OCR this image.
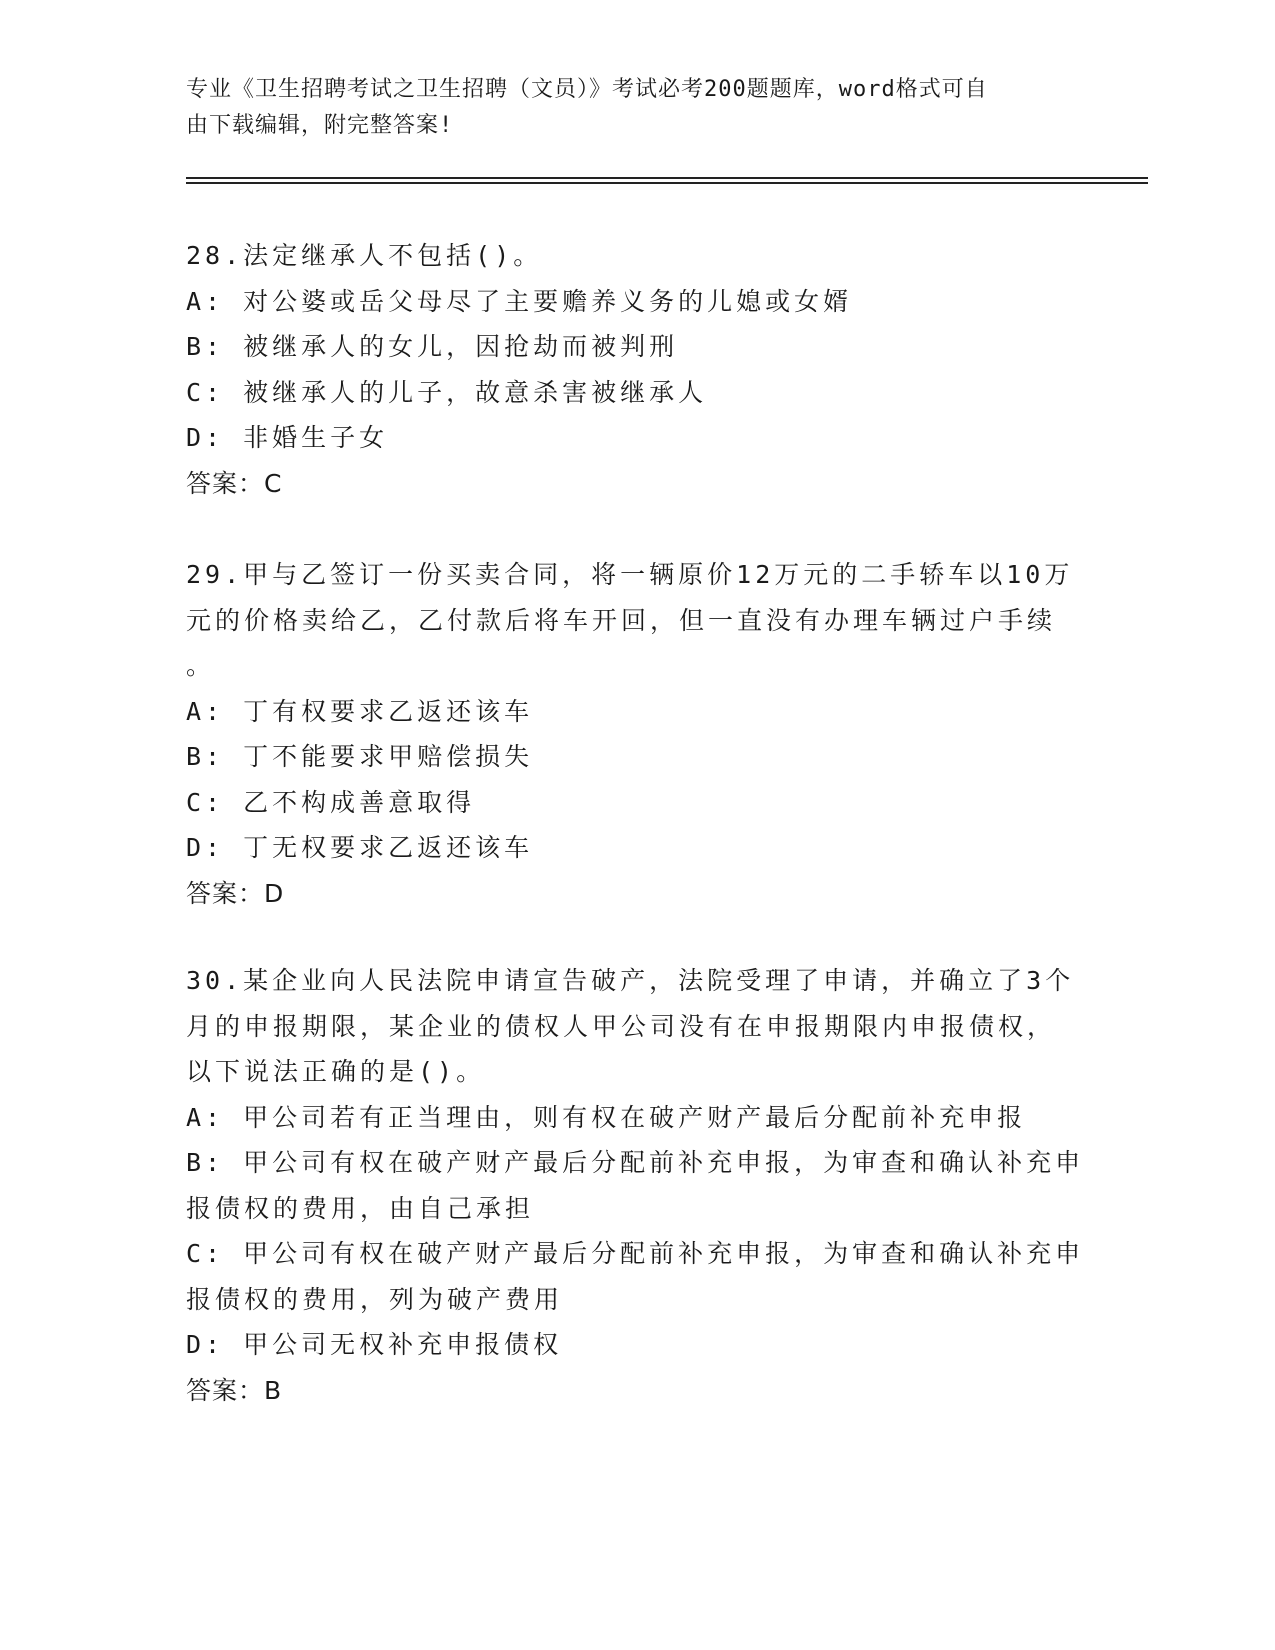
专业《卫生招聘考试之卫生招聘（文员）》考试必考200题题库，word格式可自
由下载编辑，附完整答案!
28.法定继承人不包括()。
A: 对公婆或岳父母尽了主要赡养义务的儿媳或女婿
B: 被继承人的女儿，因抢劫而被判刑
C: 被继承人的儿子，故意杀害被继承人
D: 非婚生子女
答案：C
29.甲与乙签订一份买卖合同，将一辆原价12万元的二手轿车以10万
元的价格卖给乙，乙付款后将车开回，但一直没有办理车辆过户手续
。
A: 丁有权要求乙返还该车
B: 丁不能要求甲赔偿损失
C: 乙不构成善意取得
D: 丁无权要求乙返还该车
答案：D
30.某企业向人民法院申请宣告破产，法院受理了申请，并确立了3个
月的申报期限，某企业的债权人甲公司没有在申报期限内申报债权，
以下说法正确的是()。
A: 甲公司若有正当理由，则有权在破产财产最后分配前补充申报
B: 甲公司有权在破产财产最后分配前补充申报，为审查和确认补充申
报债权的费用，由自己承担
C: 甲公司有权在破产财产最后分配前补充申报，为审查和确认补充申
报债权的费用，列为破产费用
D: 甲公司无权补充申报债权
答案：B
